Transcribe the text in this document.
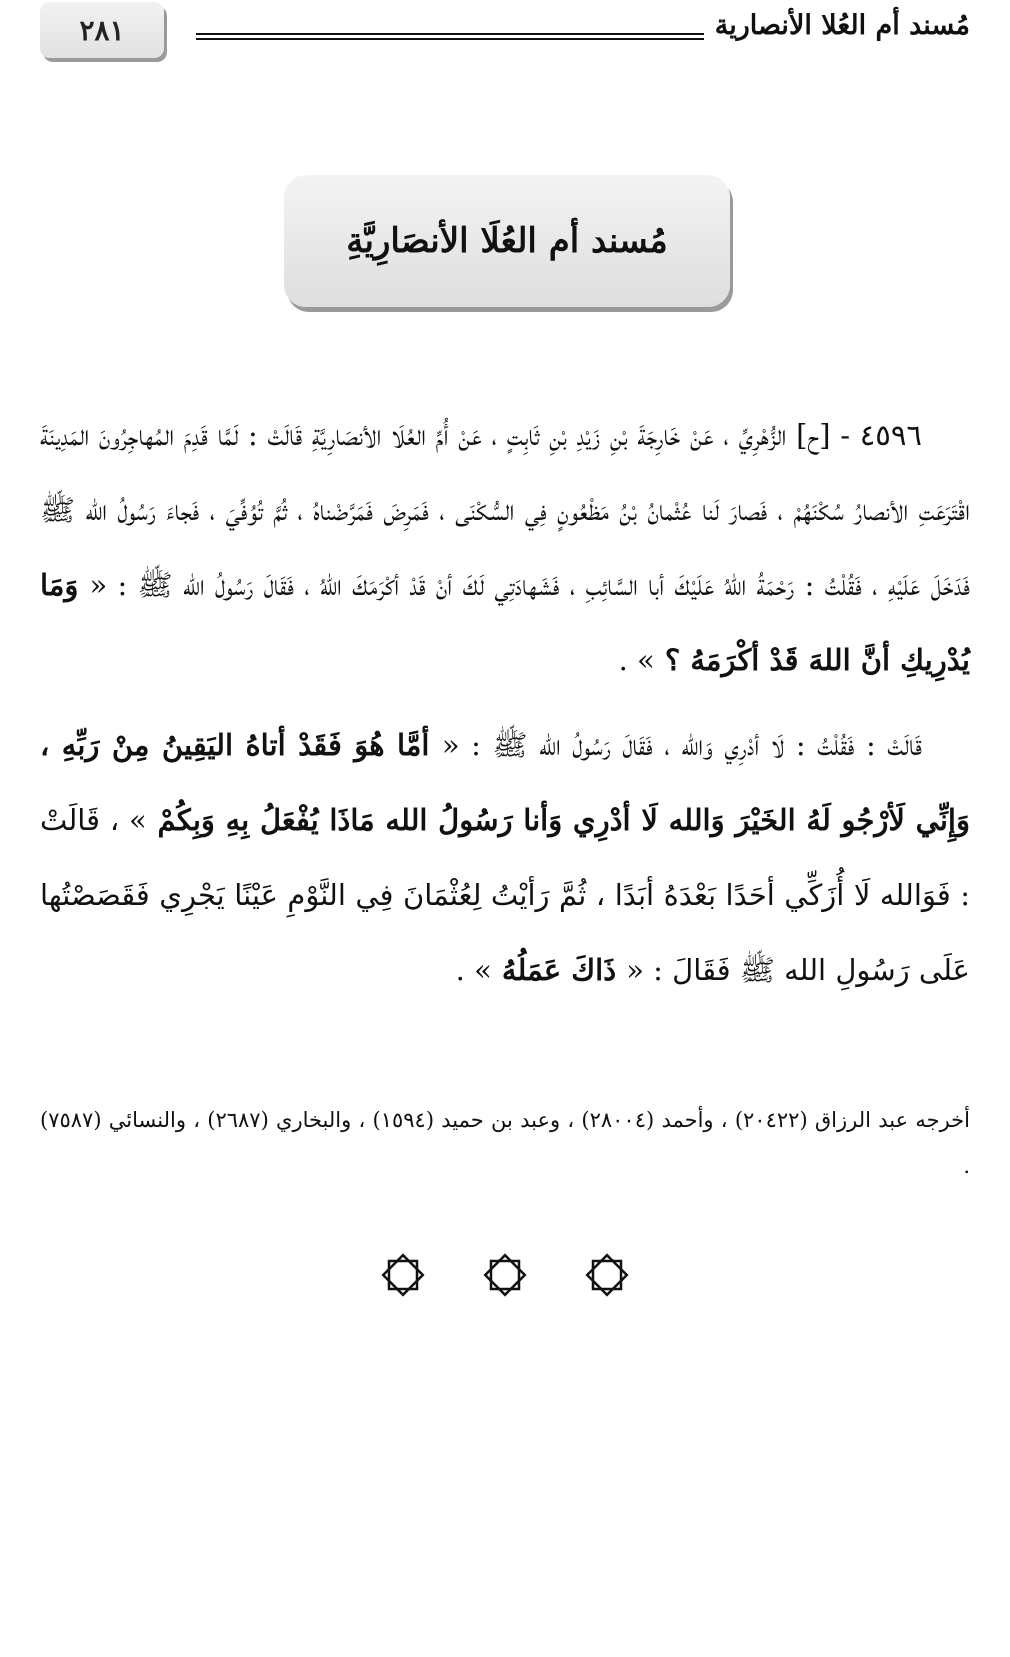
٢٨١	مُسند أم العُلا الأنصارية
مُسند أم العُلَا الأنصَارِيَّةِ

٤٥٩٦ - [ح] الزُّهْرِيِّ ، عَنْ خَارِجَةَ بْنِ زَيْدِ بْنِ ثَابِتٍ ، عَنْ أُمِّ العُلَا الأنصَارِيَّةِ قَالَتْ : لَمَّا قَدِمَ المُهاجِرُونَ المَدِينَةَ اقْتَرَعَتِ الأنصارُ سُكْنَهُمْ ، فَصارَ لَنا عُثْمانُ بْنُ مَظْعُونٍ فِي السُّكْنَى ، فَمَرِضَ فَمَرَّضْناهُ ، ثُمَّ تُوُفِّيَ ، فَجاءَ رَسُولُ الله ﷺ فَدَخَلَ عَلَيْهِ ، فَقُلْتُ : رَحْمَةُ اللهُ عَلَيْكَ أبا السَّائِبِ ، فَشَهادَتِي لَكَ أنْ قَدْ أكْرَمَكَ اللهُ ، فَقَالَ رَسُولُ الله ﷺ : « وَمَا يُدْرِيكِ أنَّ اللهَ قَدْ أكْرَمَهُ ؟ » .

قَالَتْ : فَقُلْتُ : لَا أدْرِي وَالله ، فَقَالَ رَسُولُ الله ﷺ : « أمَّا هُوَ فَقَدْ أتاهُ اليَقِينُ مِنْ رَبِّهِ ، وَإِنِّي لَأرْجُو لَهُ الخَيْرَ وَالله لَا أدْرِي وَأنا رَسُولُ الله مَاذَا يُفْعَلُ بِهِ وَبِكُمْ » ، قَالَتْ : فَوَالله لَا أُزَكِّي أحَدًا بَعْدَهُ أبَدًا ، ثُمَّ رَأيْتُ لِعُثْمَانَ فِي النَّوْمِ عَيْنًا يَجْرِي فَقَصَصْتُها عَلَى رَسُولِ الله ﷺ فَقَالَ : « ذَاكَ عَمَلُهُ » .

أخرجه عبد الرزاق (٢٠٤٢٢) ، وأحمد (٢٨٠٠٤) ، وعبد بن حميد (١٥٩٤) ، والبخاري (٢٦٨٧) ، والنسائي (٧٥٨٧) .
